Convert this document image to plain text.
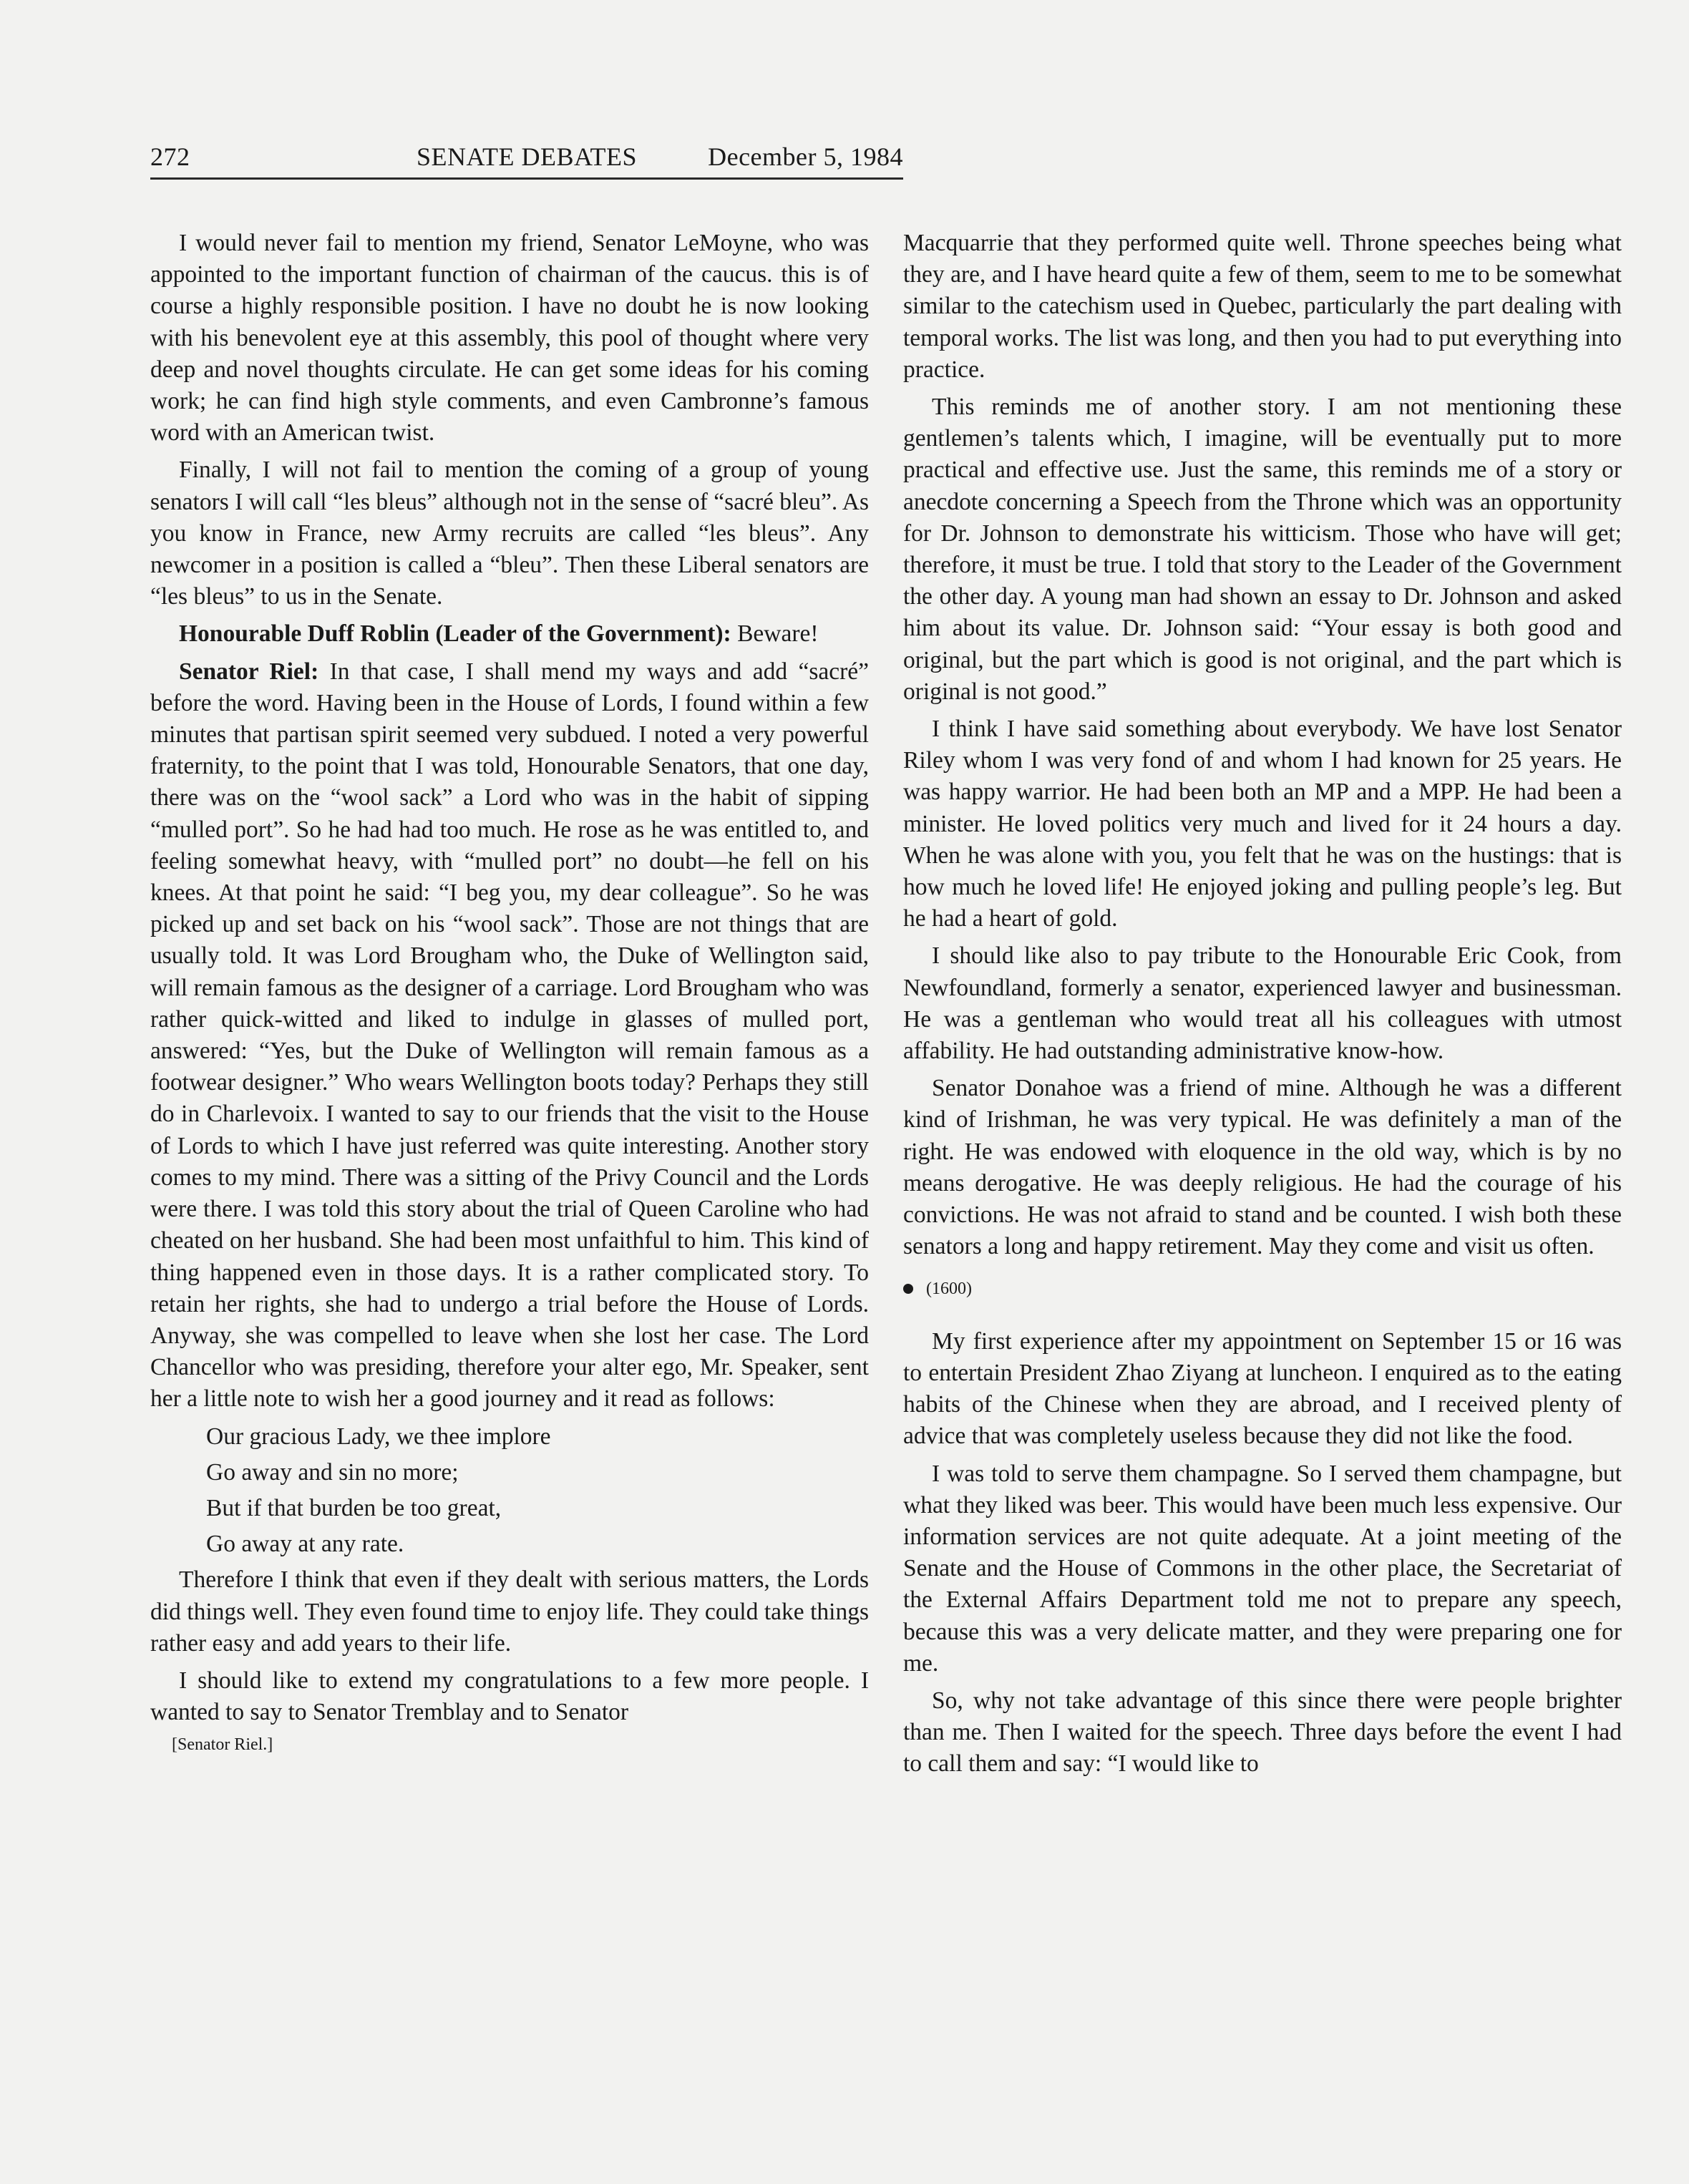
272	SENATE DEBATES	December 5, 1984

I would never fail to mention my friend, Senator LeMoyne, who was appointed to the important function of chairman of the caucus. this is of course a highly responsible position. I have no doubt he is now looking with his benevolent eye at this assembly, this pool of thought where very deep and novel thoughts circulate. He can get some ideas for his coming work; he can find high style comments, and even Cambronne’s famous word with an American twist.

Finally, I will not fail to mention the coming of a group of young senators I will call “les bleus” although not in the sense of “sacré bleu”. As you know in France, new Army recruits are called “les bleus”. Any newcomer in a position is called a “bleu”. Then these Liberal senators are “les bleus” to us in the Senate.

Honourable Duff Roblin (Leader of the Government): Beware!

Senator Riel: In that case, I shall mend my ways and add “sacré” before the word. Having been in the House of Lords, I found within a few minutes that partisan spirit seemed very subdued. I noted a very powerful fraternity, to the point that I was told, Honourable Senators, that one day, there was on the “wool sack” a Lord who was in the habit of sipping “mulled port”. So he had had too much. He rose as he was entitled to, and feeling somewhat heavy, with “mulled port” no doubt—he fell on his knees. At that point he said: “I beg you, my dear colleague”. So he was picked up and set back on his “wool sack”. Those are not things that are usually told. It was Lord Brougham who, the Duke of Wellington said, will remain famous as the designer of a carriage. Lord Brougham who was rather quick-witted and liked to indulge in glasses of mulled port, answered: “Yes, but the Duke of Wellington will remain famous as a footwear designer.” Who wears Wellington boots today? Perhaps they still do in Charlevoix. I wanted to say to our friends that the visit to the House of Lords to which I have just referred was quite interesting. Another story comes to my mind. There was a sitting of the Privy Council and the Lords were there. I was told this story about the trial of Queen Caroline who had cheated on her husband. She had been most unfaithful to him. This kind of thing happened even in those days. It is a rather complicated story. To retain her rights, she had to undergo a trial before the House of Lords. Anyway, she was compelled to leave when she lost her case. The Lord Chancellor who was presiding, therefore your alter ego, Mr. Speaker, sent her a little note to wish her a good journey and it read as follows:

Our gracious Lady, we thee implore
Go away and sin no more;
But if that burden be too great,
Go away at any rate.

Therefore I think that even if they dealt with serious matters, the Lords did things well. They even found time to enjoy life. They could take things rather easy and add years to their life.

I should like to extend my congratulations to a few more people. I wanted to say to Senator Tremblay and to Senator

[Senator Riel.]

Macquarrie that they performed quite well. Throne speeches being what they are, and I have heard quite a few of them, seem to me to be somewhat similar to the catechism used in Quebec, particularly the part dealing with temporal works. The list was long, and then you had to put everything into practice.

This reminds me of another story. I am not mentioning these gentlemen’s talents which, I imagine, will be eventually put to more practical and effective use. Just the same, this reminds me of a story or anecdote concerning a Speech from the Throne which was an opportunity for Dr. Johnson to demonstrate his witticism. Those who have will get; therefore, it must be true. I told that story to the Leader of the Government the other day. A young man had shown an essay to Dr. Johnson and asked him about its value. Dr. Johnson said: “Your essay is both good and original, but the part which is good is not original, and the part which is original is not good.”

I think I have said something about everybody. We have lost Senator Riley whom I was very fond of and whom I had known for 25 years. He was happy warrior. He had been both an MP and a MPP. He had been a minister. He loved politics very much and lived for it 24 hours a day. When he was alone with you, you felt that he was on the hustings: that is how much he loved life! He enjoyed joking and pulling people’s leg. But he had a heart of gold.

I should like also to pay tribute to the Honourable Eric Cook, from Newfoundland, formerly a senator, experienced lawyer and businessman. He was a gentleman who would treat all his colleagues with utmost affability. He had outstanding administrative know-how.

Senator Donahoe was a friend of mine. Although he was a different kind of Irishman, he was very typical. He was definitely a man of the right. He was endowed with eloquence in the old way, which is by no means derogative. He was deeply religious. He had the courage of his convictions. He was not afraid to stand and be counted. I wish both these senators a long and happy retirement. May they come and visit us often.

(1600)

My first experience after my appointment on September 15 or 16 was to entertain President Zhao Ziyang at luncheon. I enquired as to the eating habits of the Chinese when they are abroad, and I received plenty of advice that was completely useless because they did not like the food.

I was told to serve them champagne. So I served them champagne, but what they liked was beer. This would have been much less expensive. Our information services are not quite adequate. At a joint meeting of the Senate and the House of Commons in the other place, the Secretariat of the External Affairs Department told me not to prepare any speech, because this was a very delicate matter, and they were preparing one for me.

So, why not take advantage of this since there were people brighter than me. Then I waited for the speech. Three days before the event I had to call them and say: “I would like to
